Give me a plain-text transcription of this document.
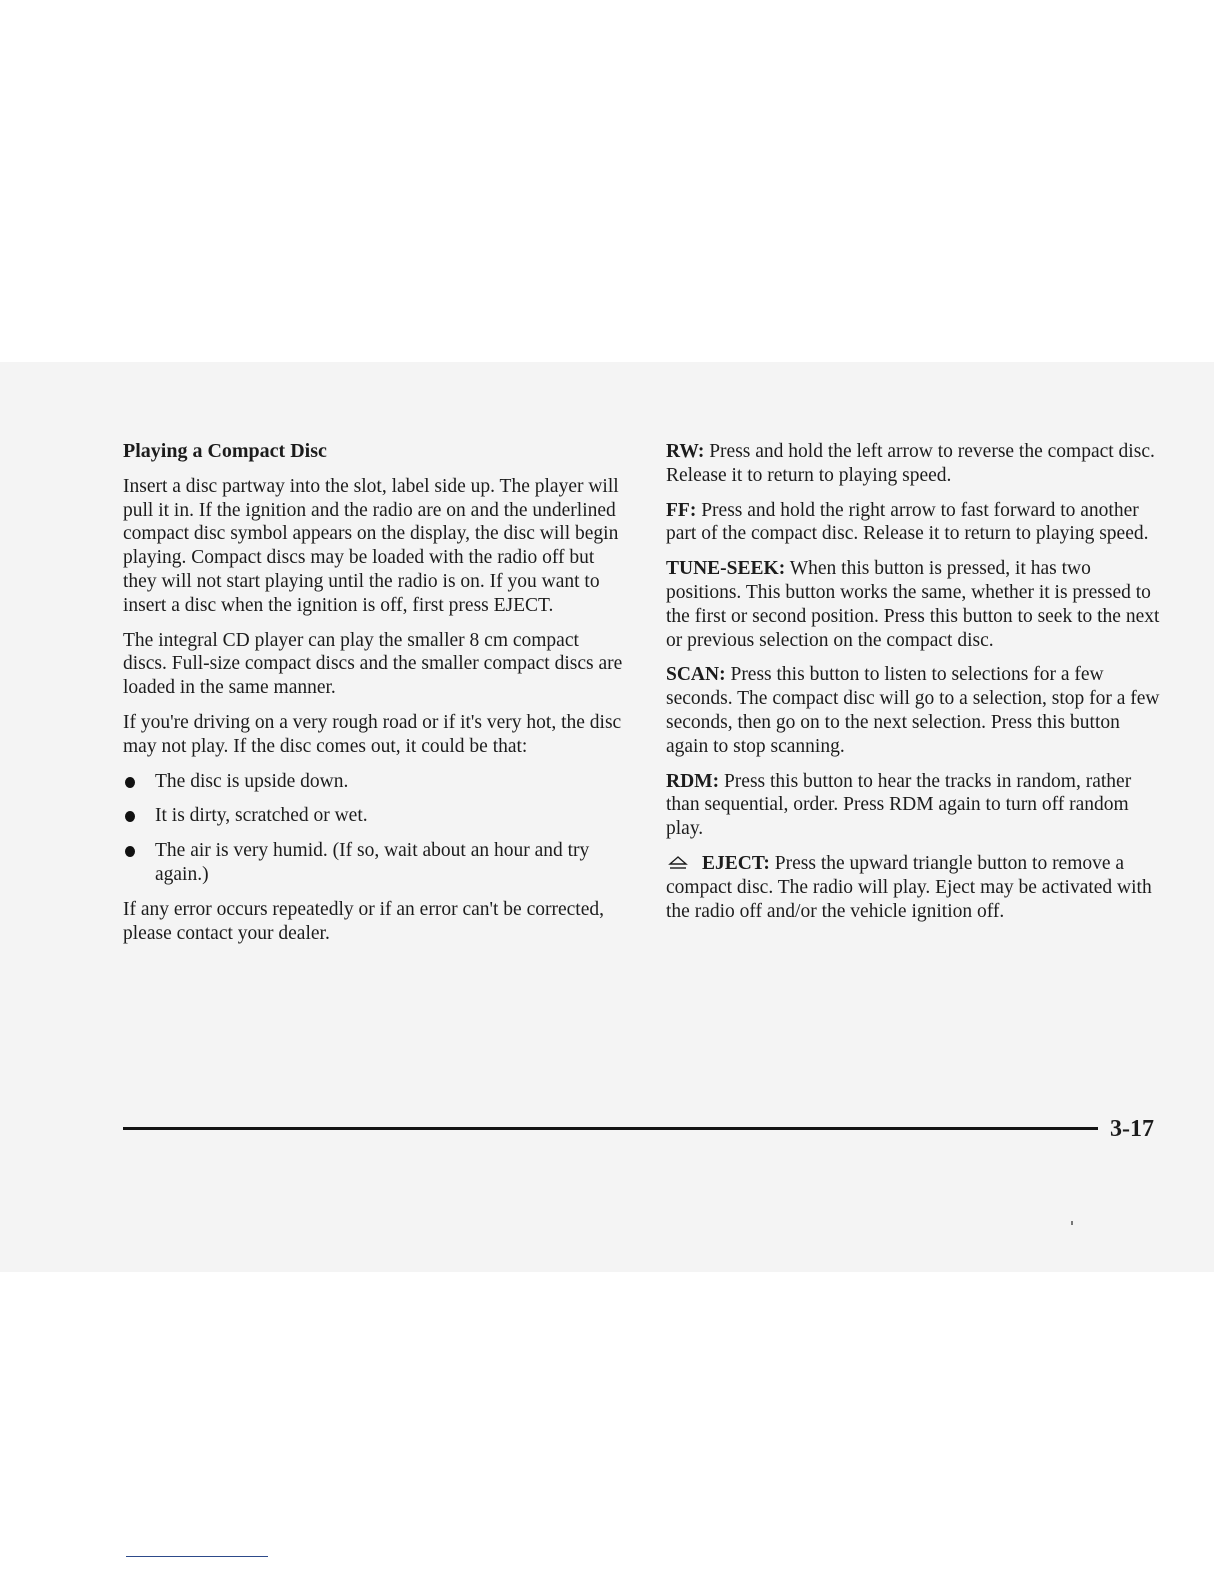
Playing a Compact Disc

Insert a disc partway into the slot, label side up. The player will pull it in. If the ignition and the radio are on and the underlined compact disc symbol appears on the display, the disc will begin playing. Compact discs may be loaded with the radio off but they will not start playing until the radio is on. If you want to insert a disc when the ignition is off, first press EJECT.

The integral CD player can play the smaller 8 cm compact discs. Full-size compact discs and the smaller compact discs are loaded in the same manner.

If you're driving on a very rough road or if it's very hot, the disc may not play. If the disc comes out, it could be that:

The disc is upside down.
It is dirty, scratched or wet.
The air is very humid. (If so, wait about an hour and try again.)

If any error occurs repeatedly or if an error can't be corrected, please contact your dealer.

RW: Press and hold the left arrow to reverse the compact disc. Release it to return to playing speed.

FF: Press and hold the right arrow to fast forward to another part of the compact disc. Release it to return to playing speed.

TUNE-SEEK: When this button is pressed, it has two positions. This button works the same, whether it is pressed to the first or second position. Press this button to seek to the next or previous selection on the compact disc.

SCAN: Press this button to listen to selections for a few seconds. The compact disc will go to a selection, stop for a few seconds, then go on to the next selection. Press this button again to stop scanning.

RDM: Press this button to hear the tracks in random, rather than sequential, order. Press RDM again to turn off random play.

EJECT: Press the upward triangle button to remove a compact disc. The radio will play. Eject may be activated with the radio off and/or the vehicle ignition off.

3-17
